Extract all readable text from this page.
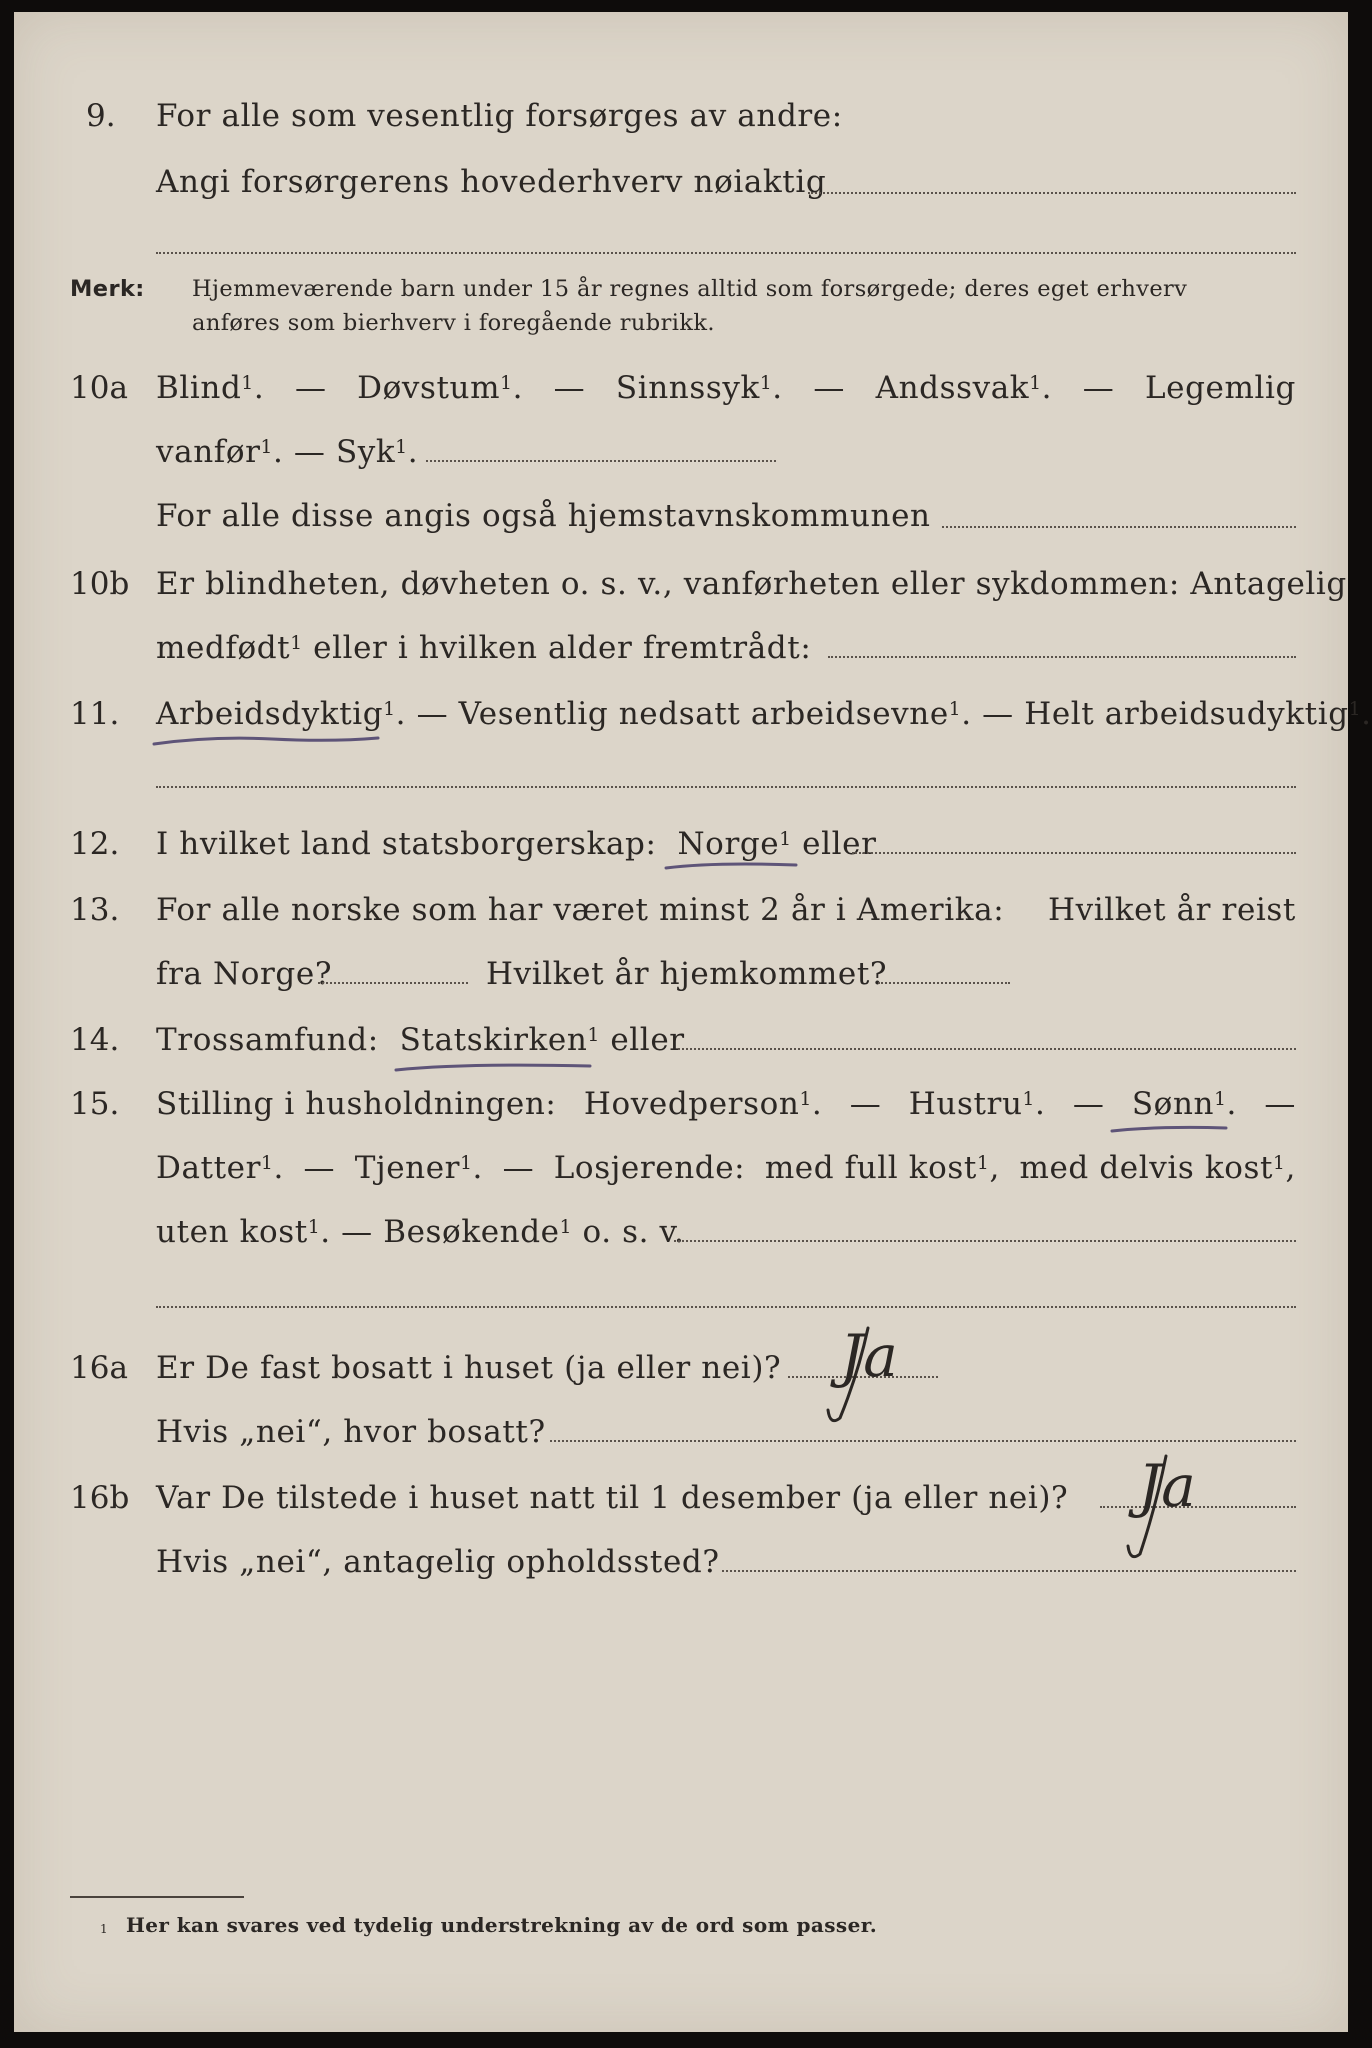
9. For alle som vesentlig forsørges av andre:
Angi forsørgerens hovederhverv nøiaktig
Merk: Hjemmeværende barn under 15 år regnes alltid som forsørgede; deres eget erhverv
anføres som bierhverv i foregående rubrikk.
10a Blind$^1$. — Døvstum$^1$. — Sinnssyk$^1$. — Andssvak$^1$. — Legemlig
vanfør$^1$. — Syk$^1$.
For alle disse angis også hjemstavnskommunen
10b Er blindheten, døvheten o. s. v., vanførheten eller sykdommen: Antagelig
medfødt$^1$ eller i hvilken alder fremtrådt:
11. Arbeidsdyktig$^1$. — Vesentlig nedsatt arbeidsevne$^1$. — Helt arbeidsudyktig$^1$.
12. I hvilket land statsborgerskap: Norge$^1$ eller
13. For alle norske som har været minst 2 år i Amerika: Hvilket år reist
fra Norge?	Hvilket år hjemkommet?
14. Trossamfund: Statskirken$^1$ eller
15. Stilling i husholdningen: Hovedperson$^1$. — Hustru$^1$. — Sønn$^1$. —
Datter$^1$. — Tjener$^1$. — Losjerende: med full kost$^1$, med delvis kost$^1$,
uten kost$^1$. — Besøkende$^1$ o. s. v.
16a Er De fast bosatt i huset (ja eller nei)? Ja
Hvis „nei“, hvor bosatt?
16b Var De tilstede i huset natt til 1 desember (ja eller nei)? Ja
Hvis „nei“, antagelig opholdssted?
1 Her kan svares ved tydelig understrekning av de ord som passer.
